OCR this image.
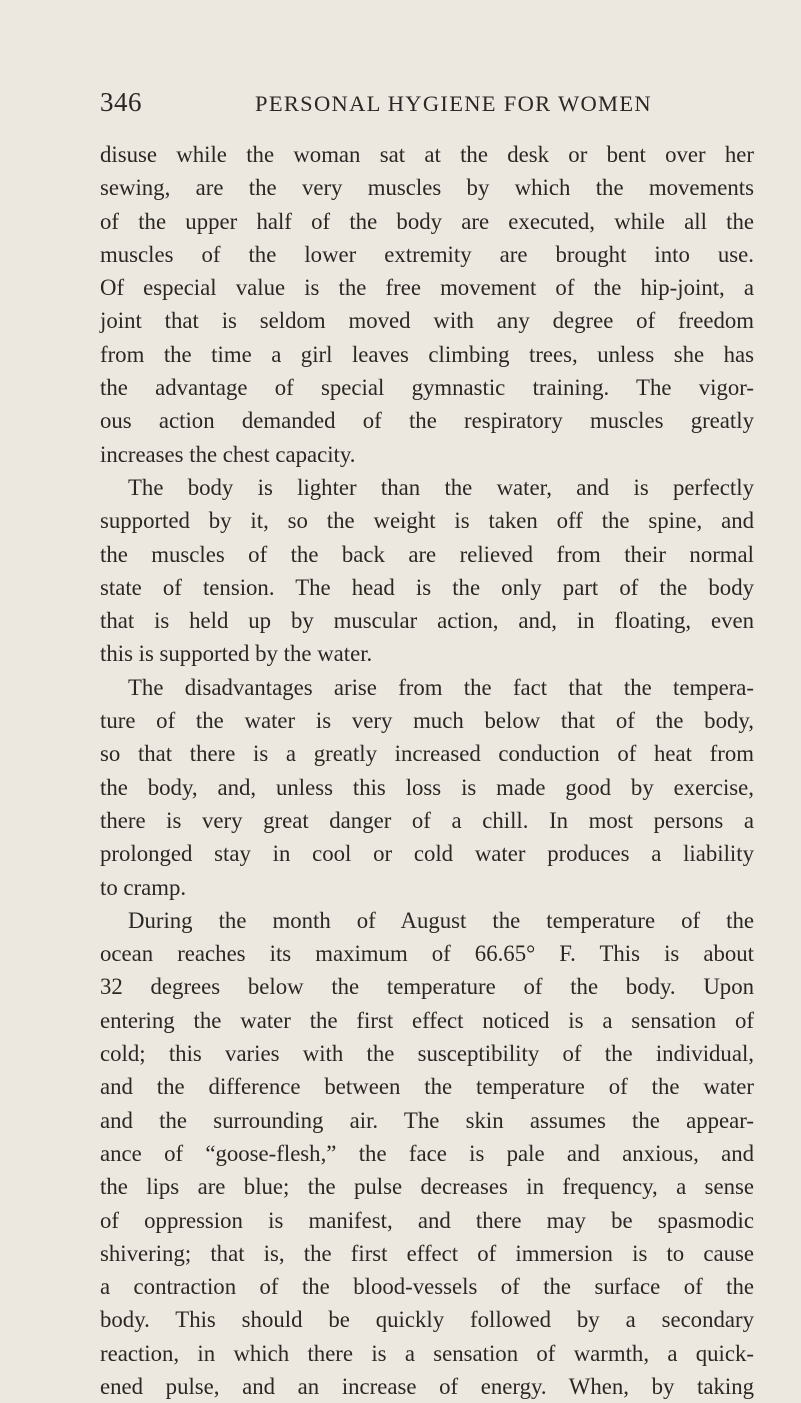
346	PERSONAL HYGIENE FOR WOMEN
disuse while the woman sat at the desk or bent over her
sewing, are the very muscles by which the movements
of the upper half of the body are executed, while all the
muscles of the lower extremity are brought into use.
Of especial value is the free movement of the hip-joint, a
joint that is seldom moved with any degree of freedom
from the time a girl leaves climbing trees, unless she has
the advantage of special gymnastic training. The vigor-
ous action demanded of the respiratory muscles greatly
increases the chest capacity.
The body is lighter than the water, and is perfectly
supported by it, so the weight is taken off the spine, and
the muscles of the back are relieved from their normal
state of tension. The head is the only part of the body
that is held up by muscular action, and, in floating, even
this is supported by the water.
The disadvantages arise from the fact that the tempera-
ture of the water is very much below that of the body,
so that there is a greatly increased conduction of heat from
the body, and, unless this loss is made good by exercise,
there is very great danger of a chill. In most persons a
prolonged stay in cool or cold water produces a liability
to cramp.
During the month of August the temperature of the
ocean reaches its maximum of 66.65° F. This is about
32 degrees below the temperature of the body. Upon
entering the water the first effect noticed is a sensation of
cold; this varies with the susceptibility of the individual,
and the difference between the temperature of the water
and the surrounding air. The skin assumes the appear-
ance of “goose-flesh,” the face is pale and anxious, and
the lips are blue; the pulse decreases in frequency, a sense
of oppression is manifest, and there may be spasmodic
shivering; that is, the first effect of immersion is to cause
a contraction of the blood-vessels of the surface of the
body. This should be quickly followed by a secondary
reaction, in which there is a sensation of warmth, a quick-
ened pulse, and an increase of energy. When, by taking
